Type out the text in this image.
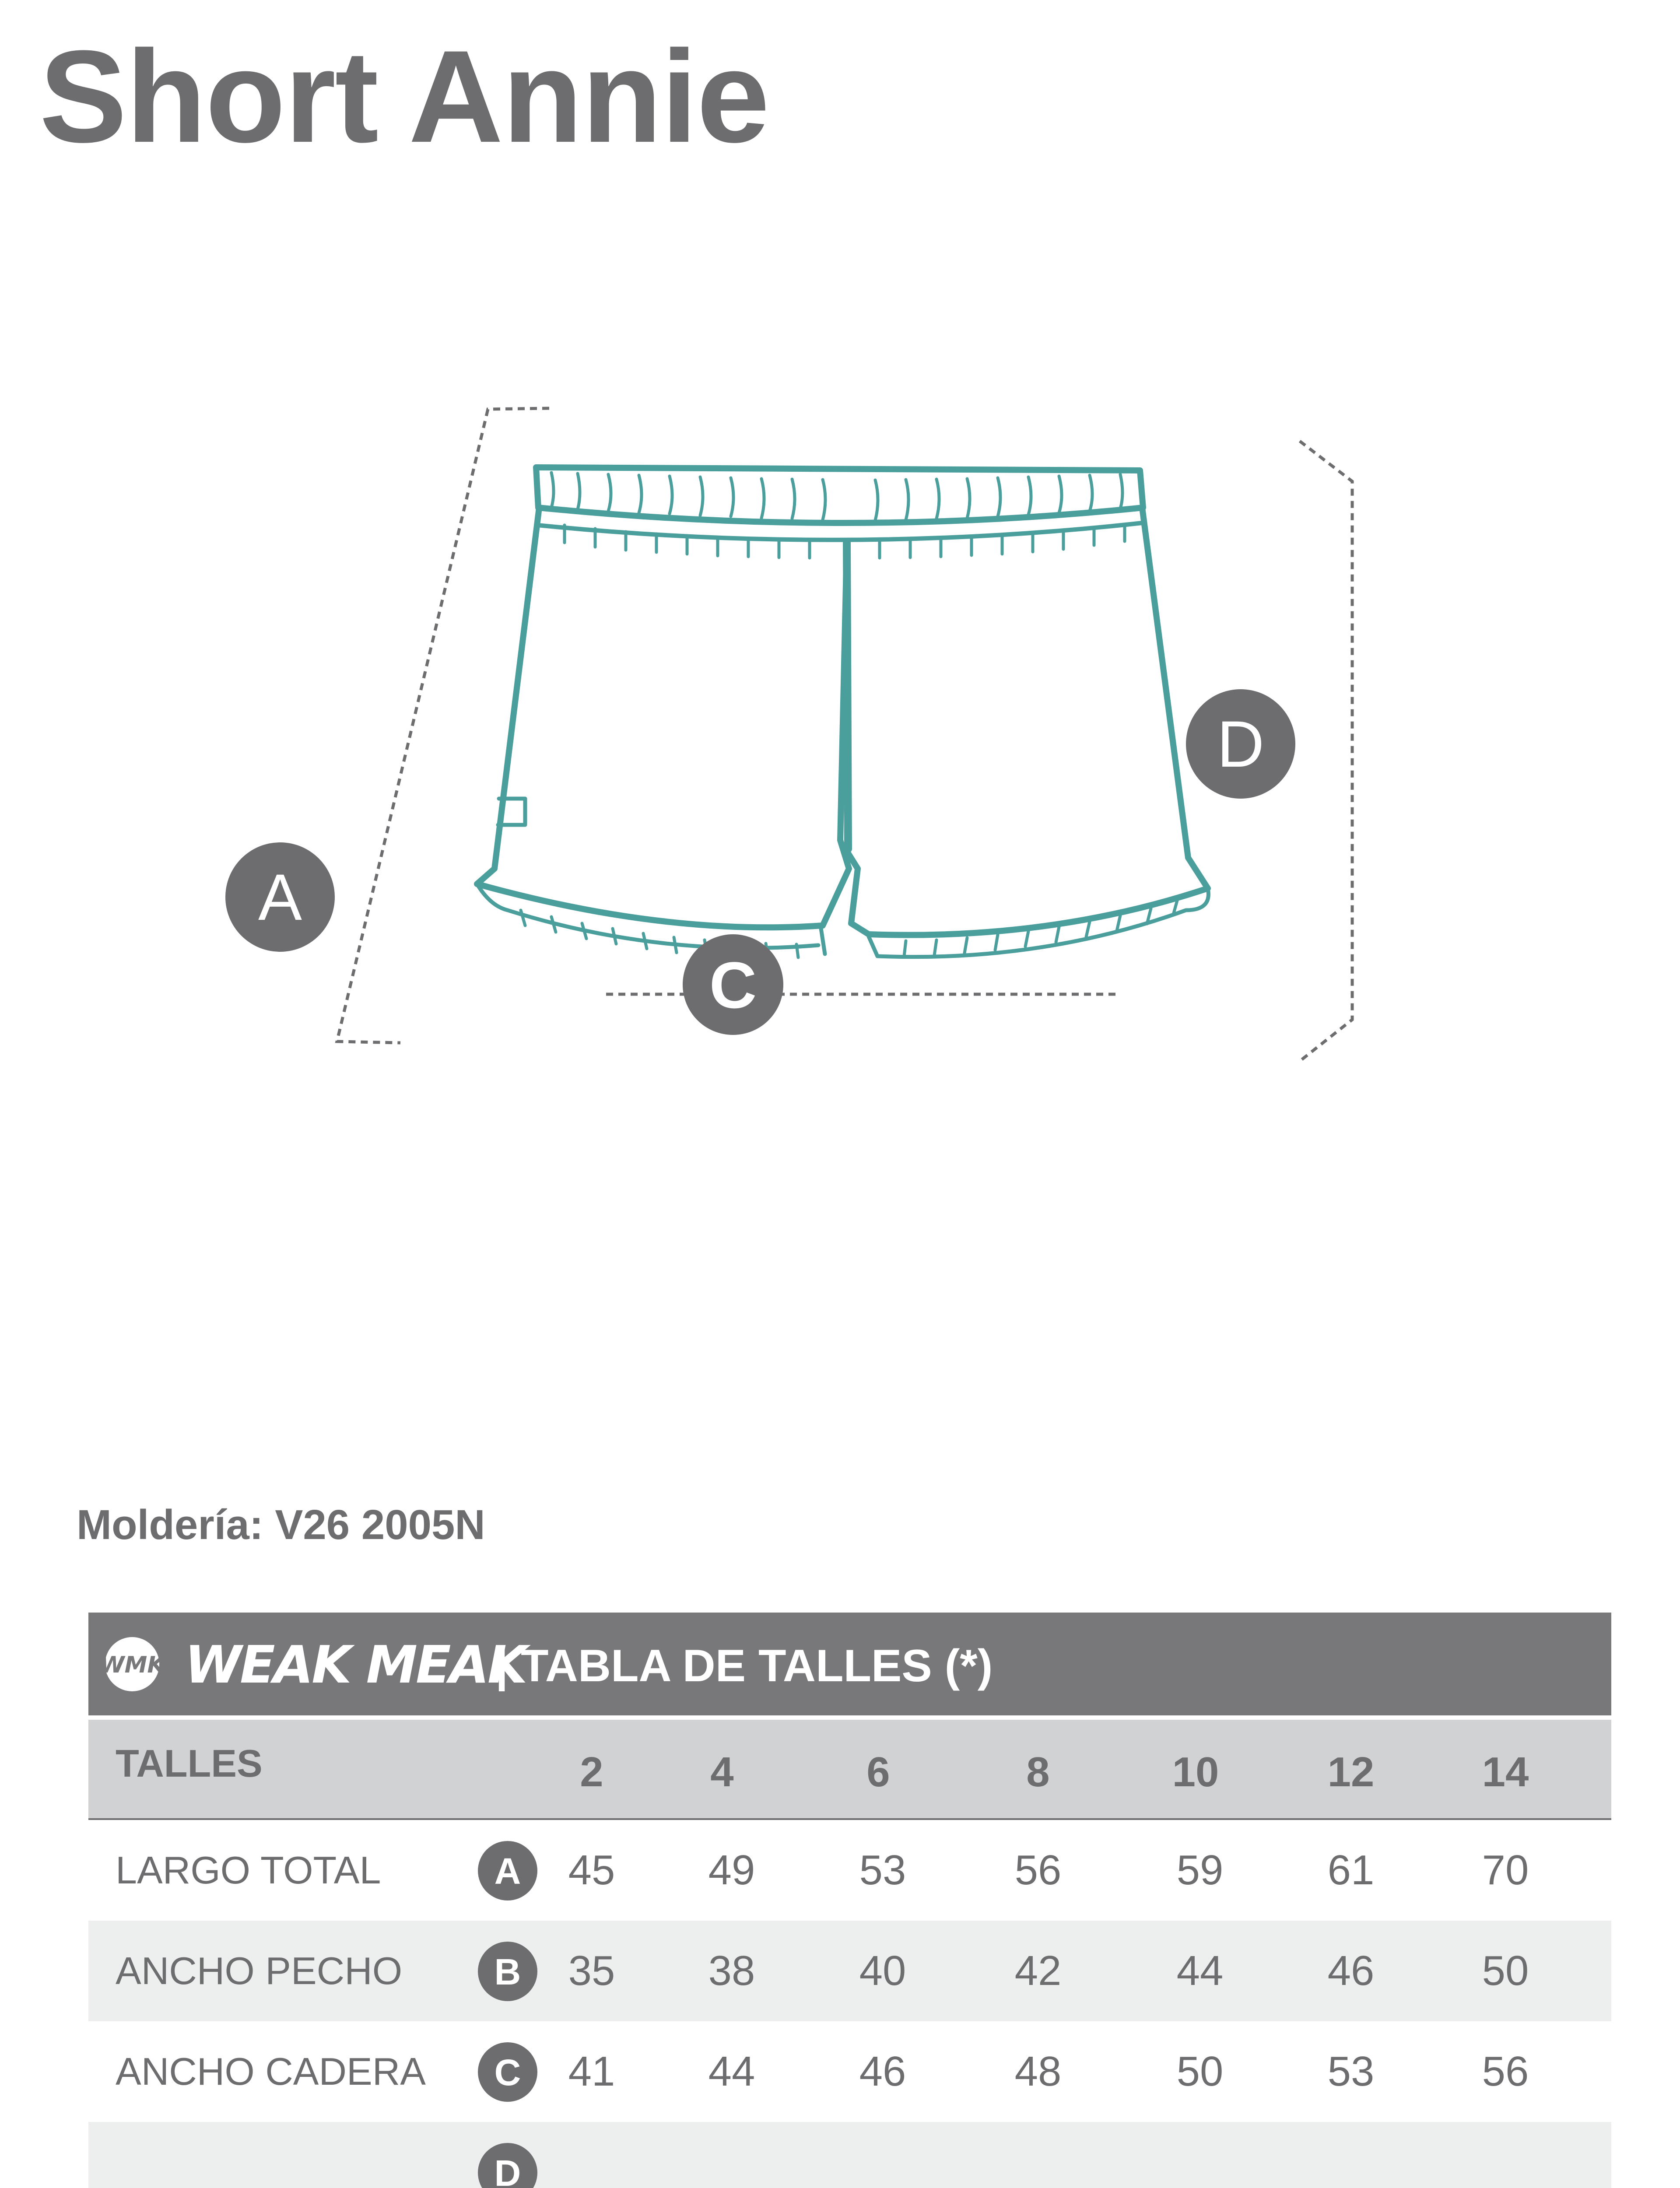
Short Annie
A
C
D
Moldería: V26 2005N
WMK WEAK MEAK
| TABLA DE TALLES (*)
TALLES	2	4	6	8	10	12	14
LARGO TOTAL	A	45	49	53	56	59	61	70
ANCHO PECHO	B	35	38	40	42	44	46	50
ANCHO CADERA	C	41	44	46	48	50	53	56
D
